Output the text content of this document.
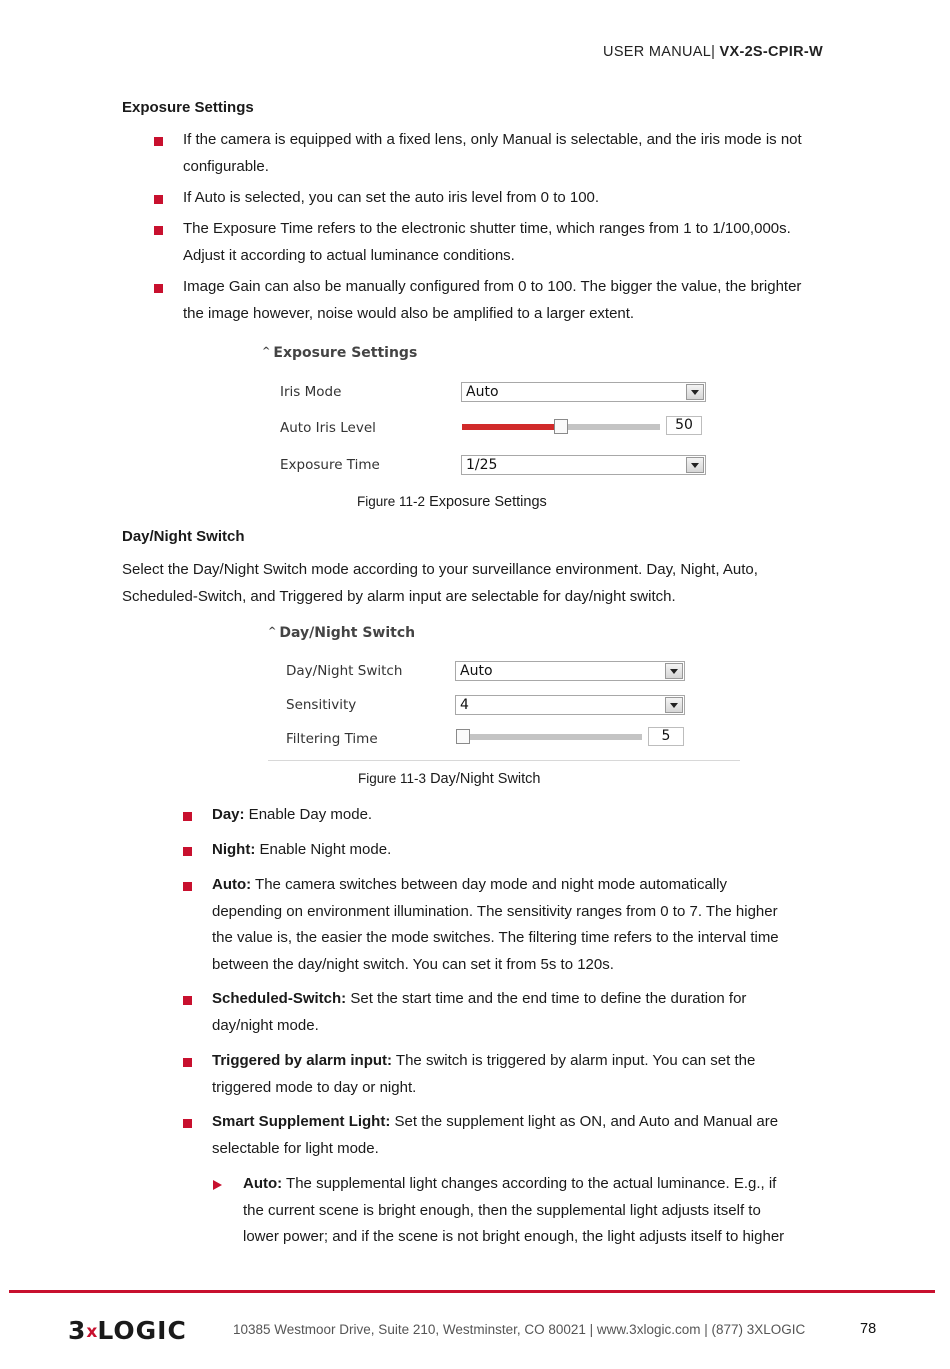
USER MANUAL| VX-2S-CPIR-W
Exposure Settings
If the camera is equipped with a fixed lens, only Manual is selectable, and the iris mode is not
configurable.
If Auto is selected, you can set the auto iris level from 0 to 100.
The Exposure Time refers to the electronic shutter time, which ranges from 1 to 1/100,000s.
Adjust it according to actual luminance conditions.
Image Gain can also be manually configured from 0 to 100. The bigger the value, the brighter
the image however, noise would also be amplified to a larger extent.
^ Exposure Settings
Iris Mode	Auto
Auto Iris Level	50
Exposure Time	1/25
Figure 11-2 Exposure Settings
Day/Night Switch
Select the Day/Night Switch mode according to your surveillance environment. Day, Night, Auto,
Scheduled-Switch, and Triggered by alarm input are selectable for day/night switch.
^ Day/Night Switch
Day/Night Switch	Auto
Sensitivity	4
Filtering Time	5
Figure 11-3 Day/Night Switch
Day: Enable Day mode.
Night: Enable Night mode.
Auto: The camera switches between day mode and night mode automatically
depending on environment illumination. The sensitivity ranges from 0 to 7. The higher
the value is, the easier the mode switches. The filtering time refers to the interval time
between the day/night switch. You can set it from 5s to 120s.
Scheduled-Switch: Set the start time and the end time to define the duration for
day/night mode.
Triggered by alarm input: The switch is triggered by alarm input. You can set the
triggered mode to day or night.
Smart Supplement Light: Set the supplement light as ON, and Auto and Manual are
selectable for light mode.
Auto: The supplemental light changes according to the actual luminance. E.g., if
the current scene is bright enough, then the supplemental light adjusts itself to
lower power; and if the scene is not bright enough, the light adjusts itself to higher
3xLOGIC	10385 Westmoor Drive, Suite 210, Westminster, CO 80021 | www.3xlogic.com | (877) 3XLOGIC	78
